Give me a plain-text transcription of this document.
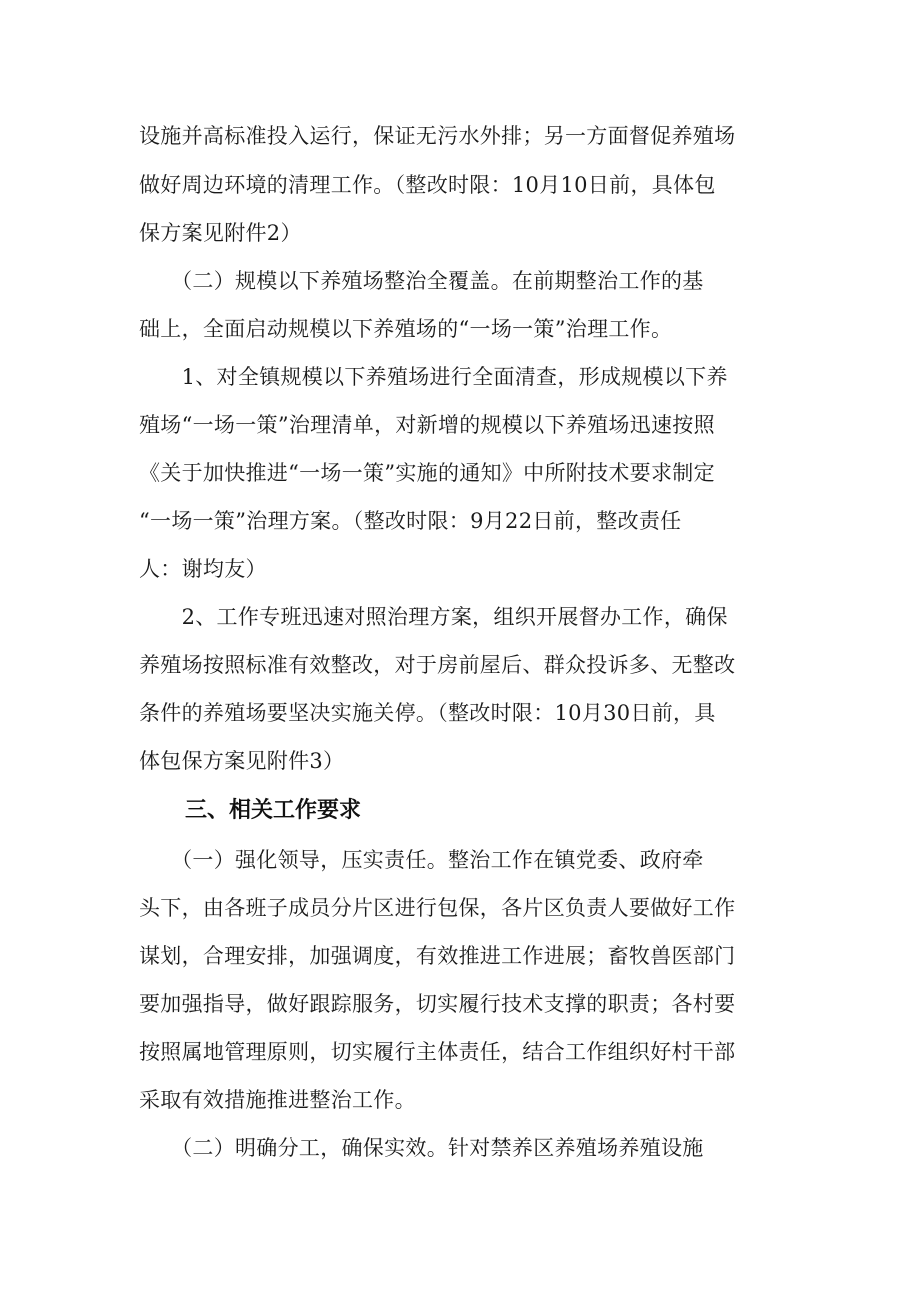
设施并高标准投入运行，保证无污水外排；另一方面督促养殖场
做好周边环境的清理工作。（整改时限：10月10日前，具体包
保方案见附件2）
　　（二）规模以下养殖场整治全覆盖。在前期整治工作的基
础上，全面启动规模以下养殖场的“一场一策”治理工作。
　　1、对全镇规模以下养殖场进行全面清查，形成规模以下养
殖场“一场一策”治理清单，对新增的规模以下养殖场迅速按照
《关于加快推进“一场一策”实施的通知》中所附技术要求制定
“一场一策”治理方案。（整改时限：9月22日前，整改责任
人：谢均友）
　　2、工作专班迅速对照治理方案，组织开展督办工作，确保
养殖场按照标准有效整改，对于房前屋后、群众投诉多、无整改
条件的养殖场要坚决实施关停。（整改时限：10月30日前，具
体包保方案见附件3）
三、相关工作要求
　　（一）强化领导，压实责任。整治工作在镇党委、政府牵
头下，由各班子成员分片区进行包保，各片区负责人要做好工作
谋划，合理安排，加强调度，有效推进工作进展；畜牧兽医部门
要加强指导，做好跟踪服务，切实履行技术支撑的职责；各村要
按照属地管理原则，切实履行主体责任，结合工作组织好村干部
采取有效措施推进整治工作。
　　（二）明确分工，确保实效。针对禁养区养殖场养殖设施
